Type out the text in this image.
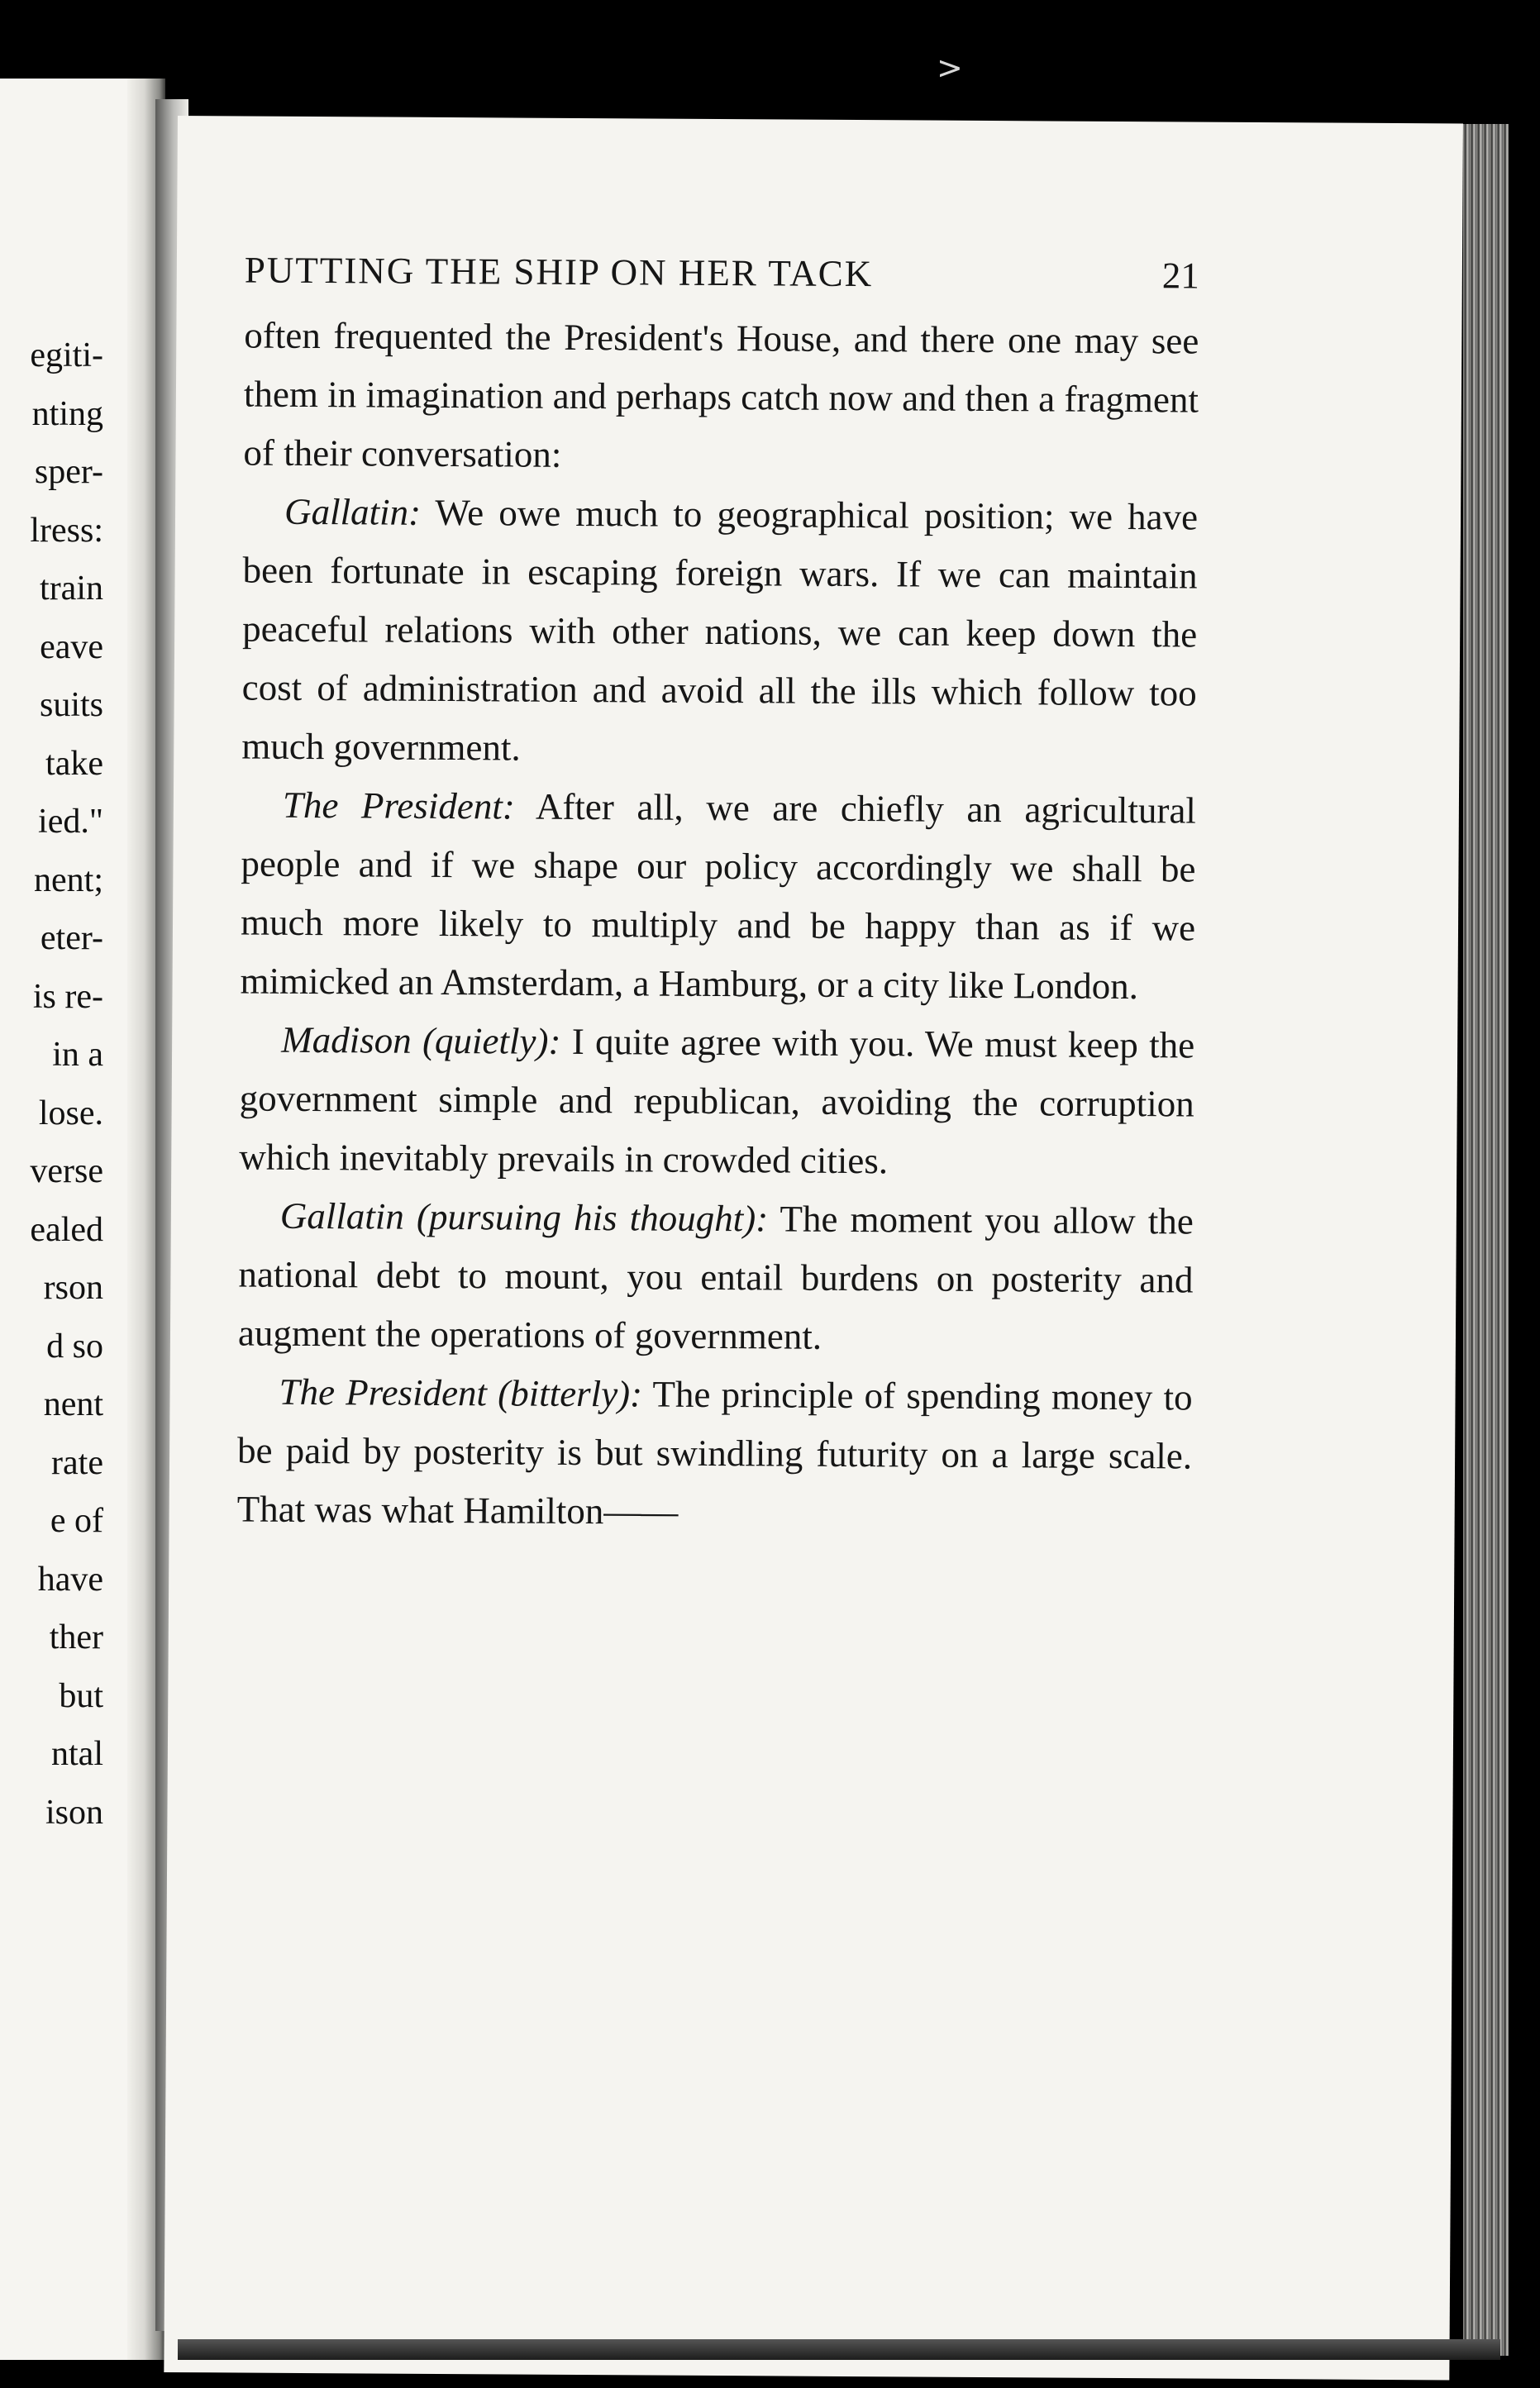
egiti-
nting
sper-
lress:
train
eave
suits
take
ied."
nent;
eter-
is re-
in a
lose.
verse
ealed
rson
d so
nent
rate
e of
have
ther
but
ntal
ison
>
PUTTING THE SHIP ON HER TACK	21

often frequented the President's House, and there one may see them in imagination and perhaps catch now and then a fragment of their conversation:

Gallatin: We owe much to geographical position; we have been fortunate in escaping foreign wars. If we can maintain peaceful relations with other nations, we can keep down the cost of administration and avoid all the ills which follow too much government.

The President: After all, we are chiefly an agricultural people and if we shape our policy accordingly we shall be much more likely to multiply and be happy than as if we mimicked an Amsterdam, a Hamburg, or a city like London.

Madison (quietly): I quite agree with you. We must keep the government simple and republican, avoiding the corruption which inevitably prevails in crowded cities.

Gallatin (pursuing his thought): The moment you allow the national debt to mount, you entail burdens on posterity and augment the operations of government.

The President (bitterly): The principle of spending money to be paid by posterity is but swindling futurity on a large scale. That was what Hamilton——
